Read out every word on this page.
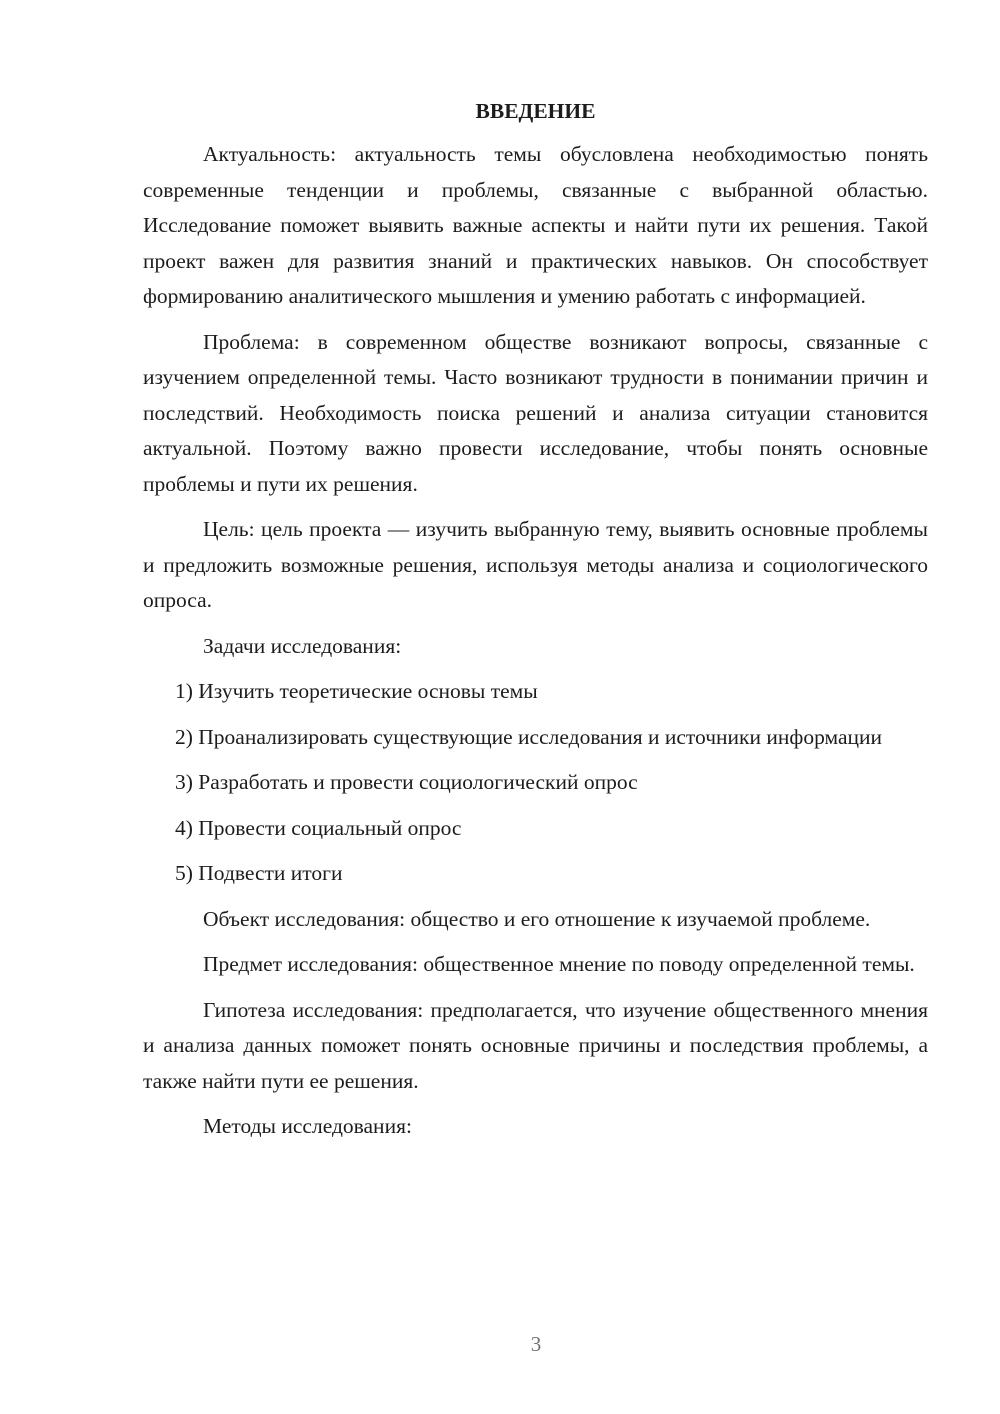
ВВЕДЕНИЕ

Актуальность: актуальность темы обусловлена необходимостью понять современные тенденции и проблемы, связанные с выбранной областью. Исследование поможет выявить важные аспекты и найти пути их решения. Такой проект важен для развития знаний и практических навыков. Он способствует формированию аналитического мышления и умению работать с информацией.

Проблема: в современном обществе возникают вопросы, связанные с изучением определенной темы. Часто возникают трудности в понимании причин и последствий. Необходимость поиска решений и анализа ситуации становится актуальной. Поэтому важно провести исследование, чтобы понять основные проблемы и пути их решения.

Цель: цель проекта — изучить выбранную тему, выявить основные проблемы и предложить возможные решения, используя методы анализа и социологического опроса.

Задачи исследования:

1) Изучить теоретические основы темы

2) Проанализировать существующие исследования и источники информации

3) Разработать и провести социологический опрос

4) Провести социальный опрос

5) Подвести итоги

Объект исследования: общество и его отношение к изучаемой проблеме.

Предмет исследования: общественное мнение по поводу определенной темы.

Гипотеза исследования: предполагается, что изучение общественного мнения и анализа данных поможет понять основные причины и последствия проблемы, а также найти пути ее решения.

Методы исследования:

3
